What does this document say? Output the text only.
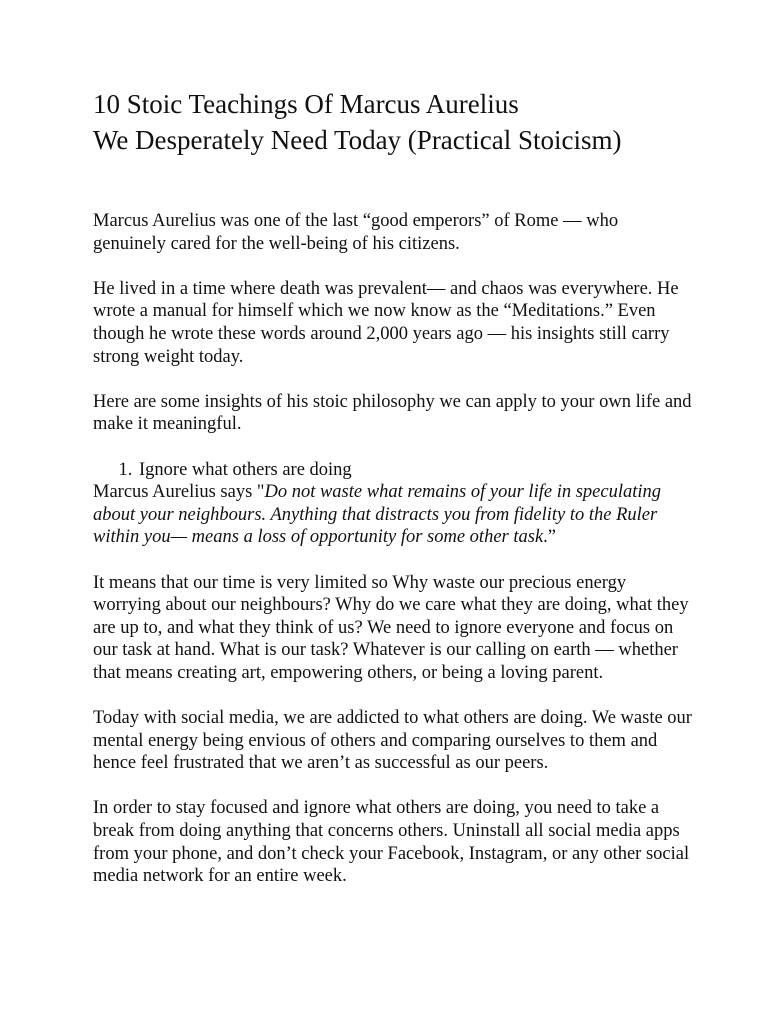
10 Stoic Teachings Of Marcus Aurelius
We Desperately Need Today (Practical Stoicism)

Marcus Aurelius was one of the last “good emperors” of Rome — who genuinely cared for the well-being of his citizens.

He lived in a time where death was prevalent— and chaos was everywhere. He wrote a manual for himself which we now know as the “Meditations.” Even though he wrote these words around 2,000 years ago — his insights still carry strong weight today.

Here are some insights of his stoic philosophy we can apply to your own life and make it meaningful.

1. Ignore what others are doing

Marcus Aurelius says "Do not waste what remains of your life in speculating about your neighbours. Anything that distracts you from fidelity to the Ruler within you— means a loss of opportunity for some other task.”

It means that our time is very limited so Why waste our precious energy worrying about our neighbours? Why do we care what they are doing, what they are up to, and what they think of us? We need to ignore everyone and focus on our task at hand. What is our task? Whatever is our calling on earth — whether that means creating art, empowering others, or being a loving parent.

Today with social media, we are addicted to what others are doing. We waste our mental energy being envious of others and comparing ourselves to them and hence feel frustrated that we aren’t as successful as our peers.

In order to stay focused and ignore what others are doing, you need to take a break from doing anything that concerns others. Uninstall all social media apps from your phone, and don’t check your Facebook, Instagram, or any other social media network for an entire week.
